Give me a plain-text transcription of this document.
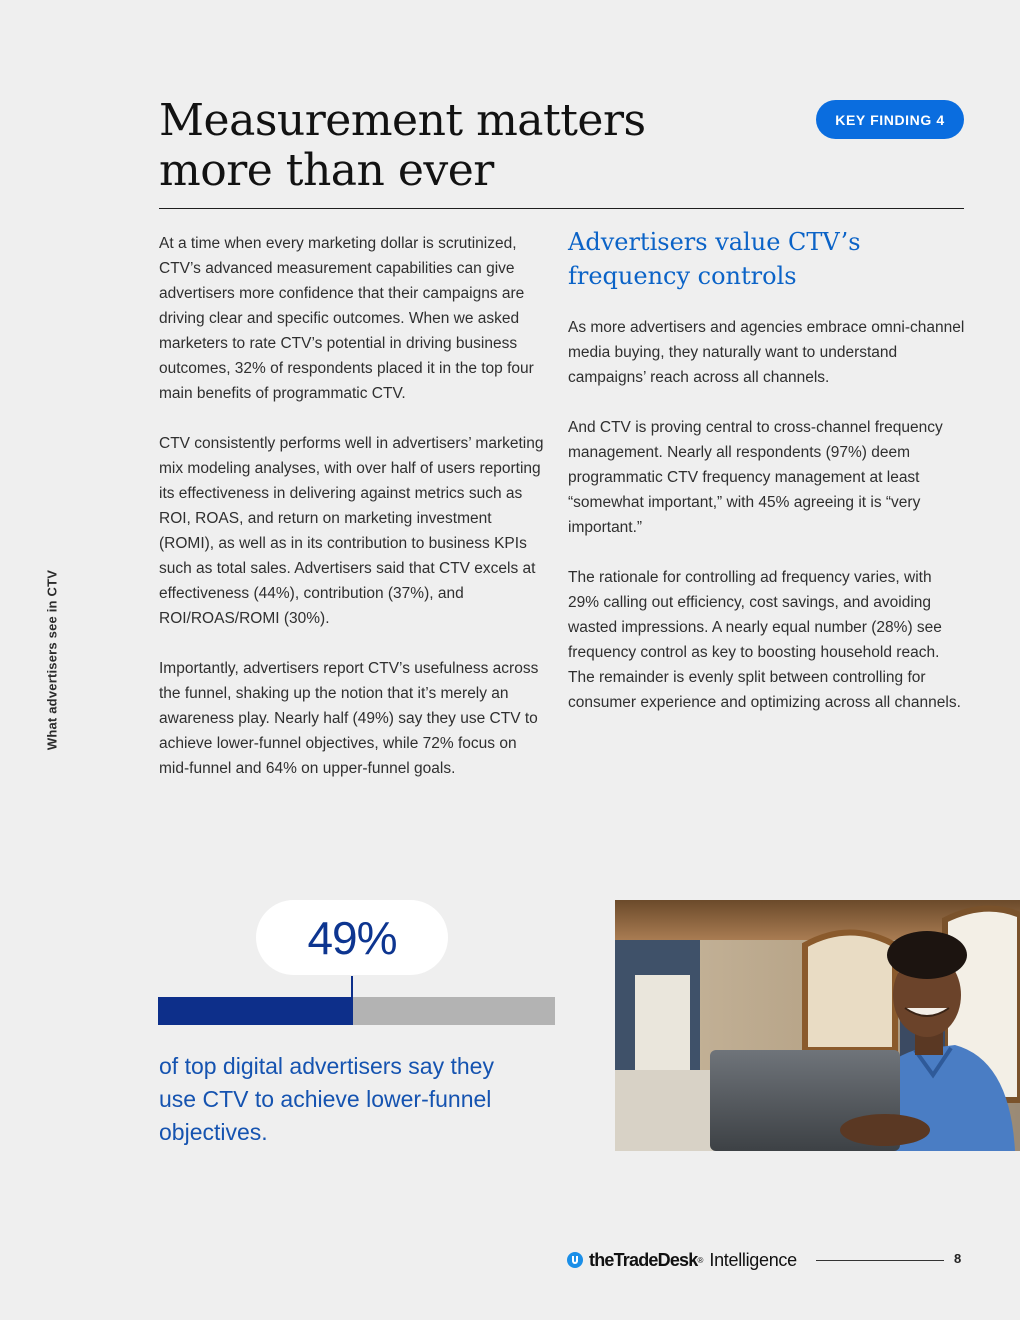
What advertisers see in CTV
Measurement matters more than ever
KEY FINDING 4

At a time when every marketing dollar is scrutinized, CTV’s advanced measurement capabilities can give advertisers more confidence that their campaigns are driving clear and specific outcomes. When we asked marketers to rate CTV’s potential in driving business outcomes, 32% of respondents placed it in the top four main benefits of programmatic CTV.

CTV consistently performs well in advertisers’ marketing mix modeling analyses, with over half of users reporting its effectiveness in delivering against metrics such as ROI, ROAS, and return on marketing investment (ROMI), as well as in its contribution to business KPIs such as total sales. Advertisers said that CTV excels at effectiveness (44%), contribution (37%), and ROI/ROAS/ROMI (30%).

Importantly, advertisers report CTV’s usefulness across the funnel, shaking up the notion that it’s merely an awareness play. Nearly half (49%) say they use CTV to achieve lower-funnel objectives, while 72% focus on mid-funnel and 64% on upper-funnel goals.

Advertisers value CTV’s frequency controls

As more advertisers and agencies embrace omni-channel media buying, they naturally want to understand campaigns’ reach across all channels.

And CTV is proving central to cross-channel frequency management. Nearly all respondents (97%) deem programmatic CTV frequency management at least “somewhat important,” with 45% agreeing it is “very important.”

The rationale for controlling ad frequency varies, with 29% calling out efficiency, cost savings, and avoiding wasted impressions. A nearly equal number (28%) see frequency control as key to boosting household reach. The remainder is evenly split between controlling for consumer experience and optimizing across all channels.

49%

of top digital advertisers say they use CTV to achieve lower-funnel objectives.

theTradeDesk ® Intelligence	8
